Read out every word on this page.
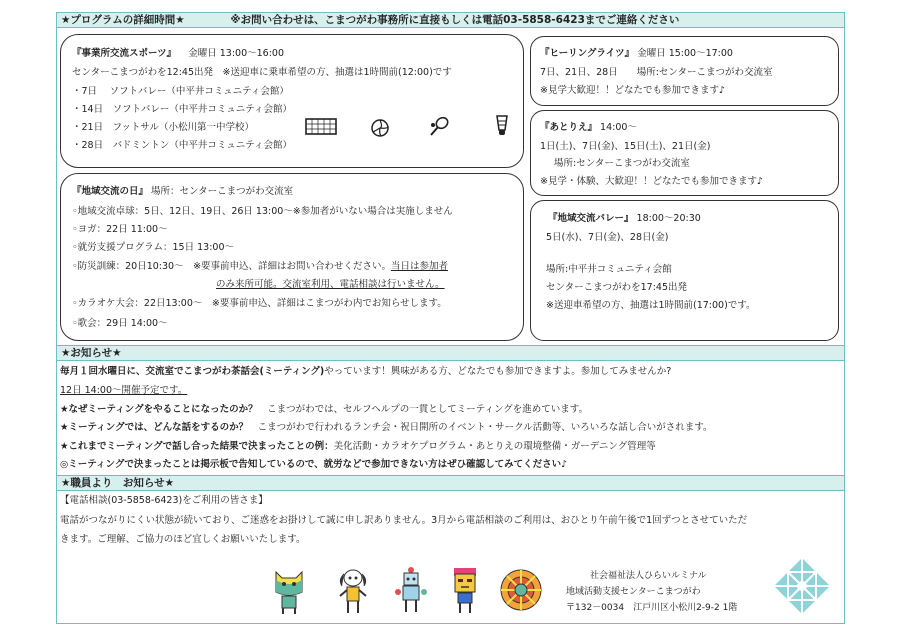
★プログラムの詳細時間★	※お問い合わせは、こまつがわ事務所に直接もしくは電話03-5858-6423までご連絡ください
『事業所交流スポーツ』 金曜日 13:00～16:00
センターこまつがわを12:45出発　※送迎車に乗車希望の方、抽選は1時間前(12:00)です
・7日　 ソフトバレー（中平井コミュニティ会館）
・14日　ソフトバレー（中平井コミュニティ会館）
・21日　フットサル（小松川第一中学校）
・28日　バドミントン（中平井コミュニティ会館）
『地域交流の日』 場所：センターこまつがわ交流室
◦地域交流卓球：5日、12日、19日、26日 13:00～※参加者がいない場合は実施しません
◦ヨガ：22日 11:00～
◦就労支援プログラム：15日 13:00～
◦防災訓練：20日10:30～　※要事前申込、詳細はお問い合わせください。当日は参加者
のみ来所可能。交流室利用、電話相談は行いません。
◦カラオケ大会：22日13:00～　※要事前申込、詳細はこまつがわ内でお知らせします。
◦歌会：29日 14:00～
『ヒーリングライツ』 金曜日 15:00～17:00
7日、21日、28日　　場所:センターこまつがわ交流室
※見学大歓迎！！どなたでも参加できます♪
『あとりえ』 14:00～
1日(土)、7日(金)、15日(土)、21日(金)
場所:センターこまつがわ交流室
※見学・体験、大歓迎！！どなたでも参加できます♪
『地域交流バレー』 18:00～20:30
5日(水)、7日(金)、28日(金)
場所:中平井コミュニティ会館
センターこまつがわを17:45出発
※送迎車希望の方、抽選は1時間前(17:00)です。
★お知らせ★
毎月１回水曜日に、交流室でこまつがわ茶話会(ミーティング)やっています！興味がある方、どなたでも参加できますよ。参加してみませんか?
12日 14:00～開催予定です。
★なぜミーティングをやることになったのか？　こまつがわでは、セルフヘルプの一貫としてミーティングを進めています。
★ミーティングでは、どんな話をするのか？　こまつがわで行われるランチ会・祝日開所のイベント・サークル活動等、いろいろな話し合いがされます。
★これまでミーティングで話し合った結果で決まったことの例：美化活動・カラオケプログラム・あとりえの環境整備・ガーデニング管理等
◎ミーティングで決まったことは掲示板で告知しているので、就労などで参加できない方はぜひ確認してみてください♪
★職員より　お知らせ★
【電話相談(03-5858-6423)をご利用の皆さま】
電話がつながりにくい状態が続いており、ご迷惑をお掛けして誠に申し訳ありません。3月から電話相談のご利用は、おひとり午前午後で1回ずつとさせていただ
きます。ご理解、ご協力のほど宜しくお願いいたします。
社会福祉法人ひらいルミナル
地域活動支援センターこまつがわ
〒132－0034　江戸川区小松川2-9-2 1階
